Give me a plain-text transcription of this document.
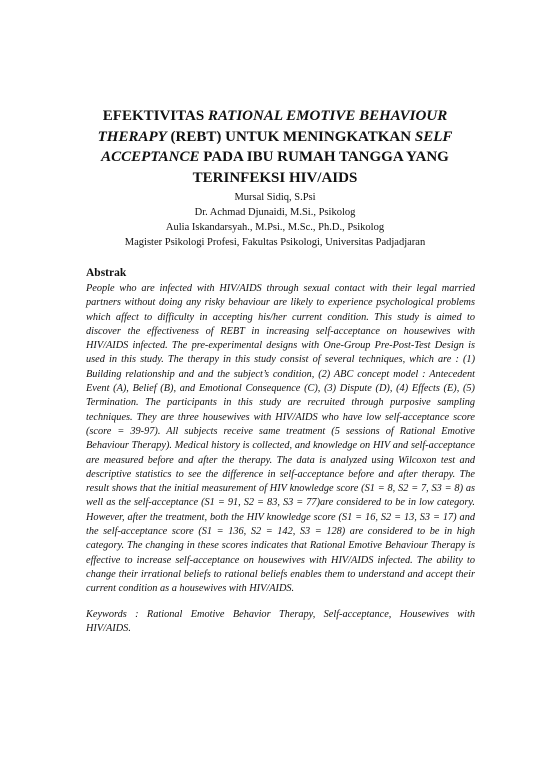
EFEKTIVITAS RATIONAL EMOTIVE BEHAVIOUR THERAPY (REBT) UNTUK MENINGKATKAN SELF ACCEPTANCE PADA IBU RUMAH TANGGA YANG TERINFEKSI HIV/AIDS
Mursal Sidiq, S.Psi
Dr. Achmad Djunaidi, M.Si., Psikolog
Aulia Iskandarsyah., M.Psi., M.Sc., Ph.D., Psikolog
Magister Psikologi Profesi, Fakultas Psikologi, Universitas Padjadjaran
Abstrak

People who are infected with HIV/AIDS through sexual contact with their legal married partners without doing any risky behaviour are likely to experience psychological problems which affect to difficulty in accepting his/her current condition. This study is aimed to discover the effectiveness of REBT in increasing self-acceptance on housewives with HIV/AIDS infected. The pre-experimental designs with One-Group Pre-Post-Test Design is used in this study. The therapy in this study consist of several techniques, which are : (1) Building relationship and and the subject’s condition, (2) ABC concept model : Antecedent Event (A), Belief (B), and Emotional Consequence (C), (3) Dispute (D), (4) Effects (E), (5) Termination. The participants in this study are recruited through purposive sampling techniques. They are three housewives with HIV/AIDS who have low self-acceptance score (score = 39-97). All subjects receive same treatment (5 sessions of Rational Emotive Behaviour Therapy). Medical history is collected, and knowledge on HIV and self-acceptance are measured before and after the therapy. The data is analyzed using Wilcoxon test and descriptive statistics to see the difference in self-acceptance before and after therapy. The result shows that the initial measurement of HIV knowledge score (S1 = 8, S2 = 7, S3 = 8) as well as the self-acceptance (S1 = 91, S2 = 83, S3 = 77)are considered to be in low category. However, after the treatment, both the HIV knowledge score (S1 = 16, S2 = 13, S3 = 17) and the self-acceptance score (S1 = 136, S2 = 142, S3 = 128) are considered to be in high category. The changing in these scores indicates that Rational Emotive Behaviour Therapy is effective to increase self-acceptance on housewives with HIV/AIDS infected. The ability to change their irrational beliefs to rational beliefs enables them to understand and accept their current condition as a housewives with HIV/AIDS.

Keywords : Rational Emotive Behavior Therapy, Self-acceptance, Housewives with HIV/AIDS.
